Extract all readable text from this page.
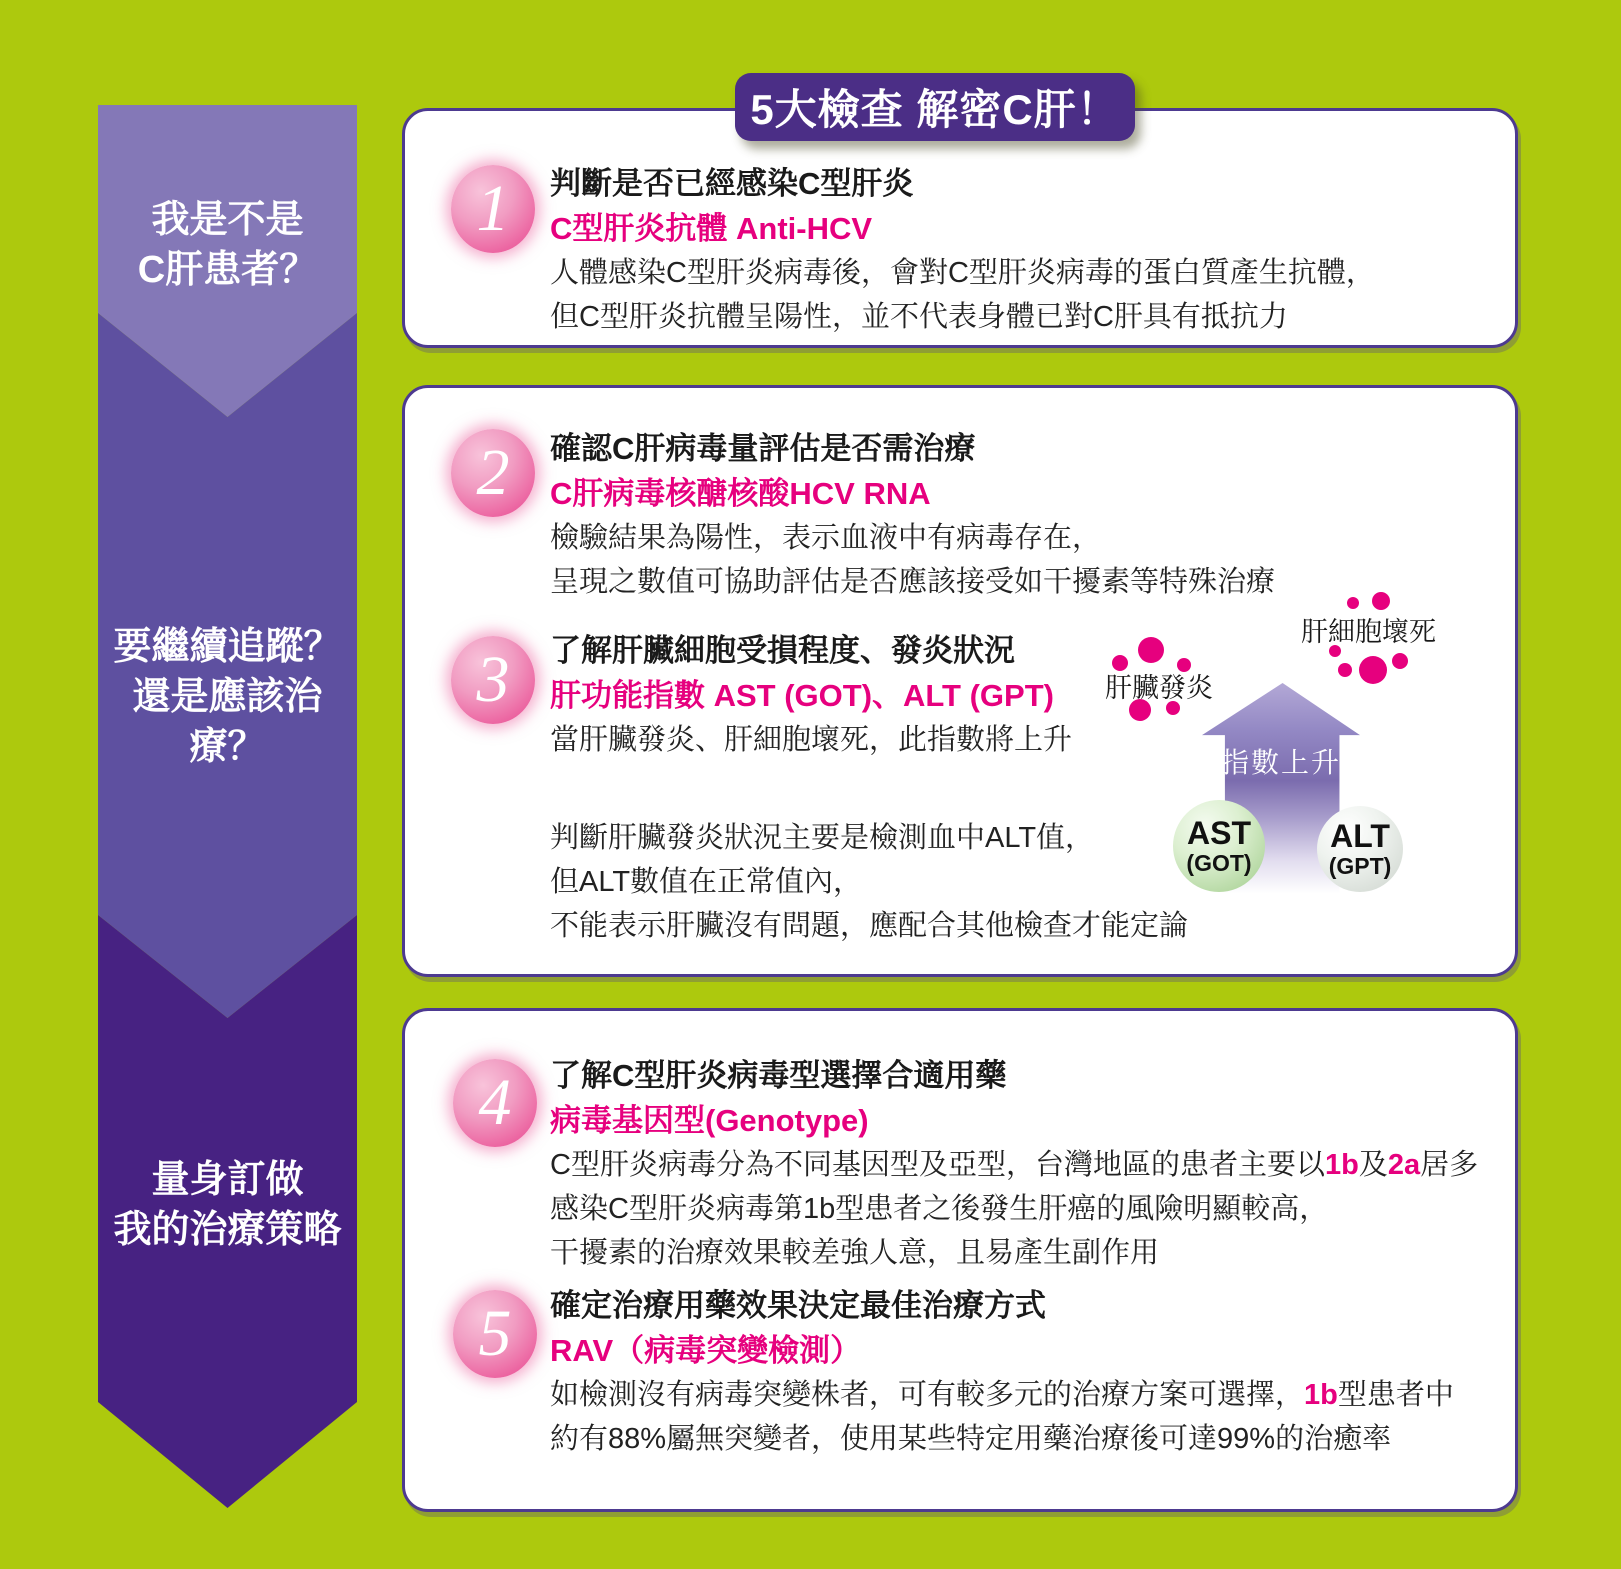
我是不是
C肝患者？
要繼續追蹤？
還是應該治療？
量身訂做
我的治療策略
5大檢查 解密C肝！
1	判斷是否已經感染C型肝炎
C型肝炎抗體 Anti-HCV
人體感染C型肝炎病毒後，會對C型肝炎病毒的蛋白質產生抗體，
但C型肝炎抗體呈陽性，並不代表身體已對C肝具有抵抗力
2	確認C肝病毒量評估是否需治療
C肝病毒核醣核酸HCV RNA
檢驗結果為陽性，表示血液中有病毒存在，
呈現之數值可協助評估是否應該接受如干擾素等特殊治療
3	了解肝臟細胞受損程度、發炎狀況
肝功能指數 AST (GOT)、ALT (GPT)
當肝臟發炎、肝細胞壞死，此指數將上升
判斷肝臟發炎狀況主要是檢測血中ALT值，
但ALT數值在正常值內，
不能表示肝臟沒有問題，應配合其他檢查才能定論
肝臟發炎
肝細胞壞死
指數上升
AST
(GOT)
ALT
(GPT)
4	了解C型肝炎病毒型選擇合適用藥
病毒基因型(Genotype)
C型肝炎病毒分為不同基因型及亞型，台灣地區的患者主要以1b及2a居多
感染C型肝炎病毒第1b型患者之後發生肝癌的風險明顯較高，
干擾素的治療效果較差強人意，且易產生副作用
5	確定治療用藥效果決定最佳治療方式
RAV（病毒突變檢測）
如檢測沒有病毒突變株者，可有較多元的治療方案可選擇，1b型患者中
約有88%屬無突變者，使用某些特定用藥治療後可達99%的治癒率
